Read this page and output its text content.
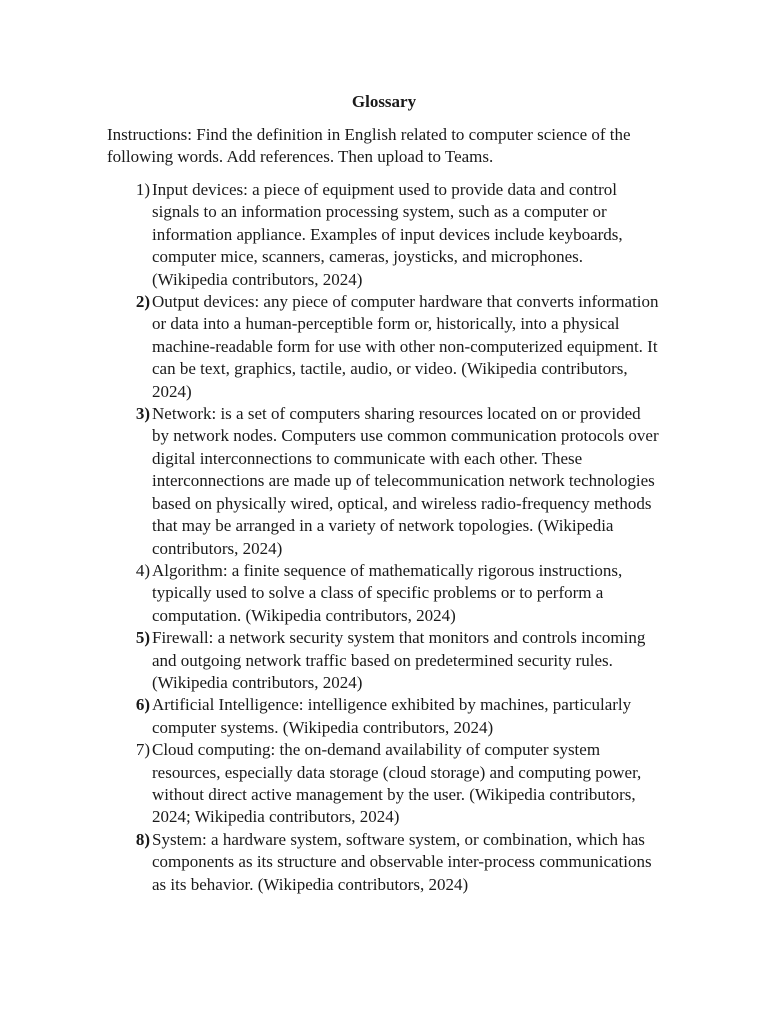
Glossary

Instructions: Find the definition in English related to computer science of the following words. Add references. Then upload to Teams.

1) Input devices: a piece of equipment used to provide data and control signals to an information processing system, such as a computer or information appliance. Examples of input devices include keyboards, computer mice, scanners, cameras, joysticks, and microphones. (Wikipedia contributors, 2024)
2) Output devices: any piece of computer hardware that converts information or data into a human-perceptible form or, historically, into a physical machine-readable form for use with other non-computerized equipment. It can be text, graphics, tactile, audio, or video. (Wikipedia contributors, 2024)
3) Network: is a set of computers sharing resources located on or provided by network nodes. Computers use common communication protocols over digital interconnections to communicate with each other. These interconnections are made up of telecommunication network technologies based on physically wired, optical, and wireless radio-frequency methods that may be arranged in a variety of network topologies. (Wikipedia contributors, 2024)
4) Algorithm: a finite sequence of mathematically rigorous instructions, typically used to solve a class of specific problems or to perform a computation. (Wikipedia contributors, 2024)
5) Firewall: a network security system that monitors and controls incoming and outgoing network traffic based on predetermined security rules. (Wikipedia contributors, 2024)
6) Artificial Intelligence: intelligence exhibited by machines, particularly computer systems. (Wikipedia contributors, 2024)
7) Cloud computing: the on-demand availability of computer system resources, especially data storage (cloud storage) and computing power, without direct active management by the user. (Wikipedia contributors, 2024; Wikipedia contributors, 2024)
8) System: a hardware system, software system, or combination, which has components as its structure and observable inter-process communications as its behavior. (Wikipedia contributors, 2024)
